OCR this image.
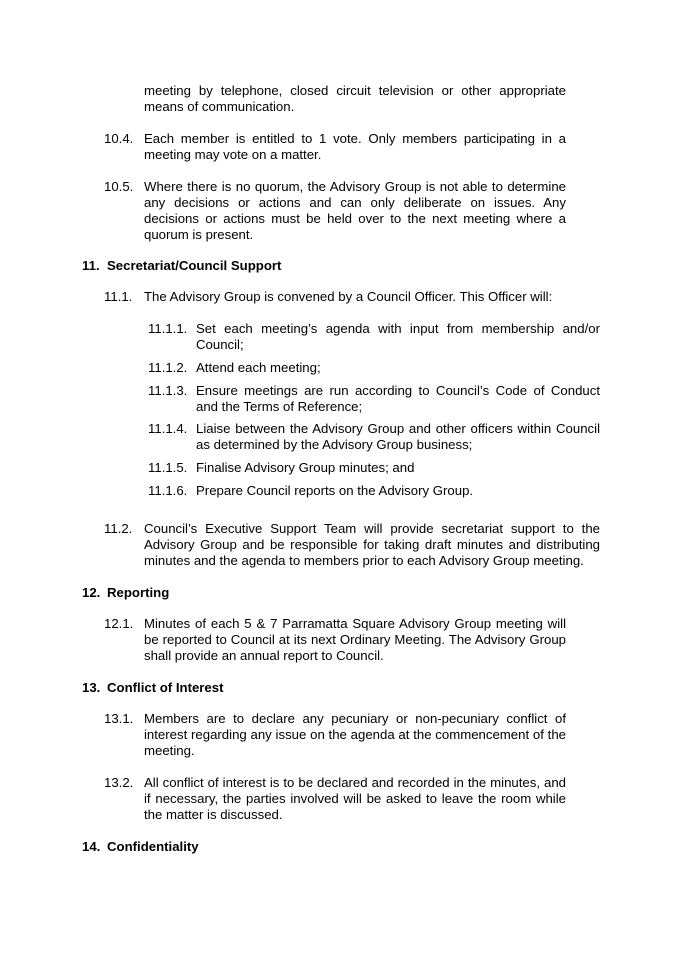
meeting by telephone, closed circuit television or other appropriate means of communication.
10.4. Each member is entitled to 1 vote. Only members participating in a meeting may vote on a matter.
10.5. Where there is no quorum, the Advisory Group is not able to determine any decisions or actions and can only deliberate on issues. Any decisions or actions must be held over to the next meeting where a quorum is present.
11. Secretariat/Council Support
11.1. The Advisory Group is convened by a Council Officer. This Officer will:
11.1.1. Set each meeting’s agenda with input from membership and/or Council;
11.1.2. Attend each meeting;
11.1.3. Ensure meetings are run according to Council’s Code of Conduct and the Terms of Reference;
11.1.4. Liaise between the Advisory Group and other officers within Council as determined by the Advisory Group business;
11.1.5. Finalise Advisory Group minutes; and
11.1.6. Prepare Council reports on the Advisory Group.
11.2. Council’s Executive Support Team will provide secretariat support to the Advisory Group and be responsible for taking draft minutes and distributing minutes and the agenda to members prior to each Advisory Group meeting.
12. Reporting
12.1. Minutes of each 5 & 7 Parramatta Square Advisory Group meeting will be reported to Council at its next Ordinary Meeting. The Advisory Group shall provide an annual report to Council.
13. Conflict of Interest
13.1. Members are to declare any pecuniary or non-pecuniary conflict of interest regarding any issue on the agenda at the commencement of the meeting.
13.2. All conflict of interest is to be declared and recorded in the minutes, and if necessary, the parties involved will be asked to leave the room while the matter is discussed.
14. Confidentiality
